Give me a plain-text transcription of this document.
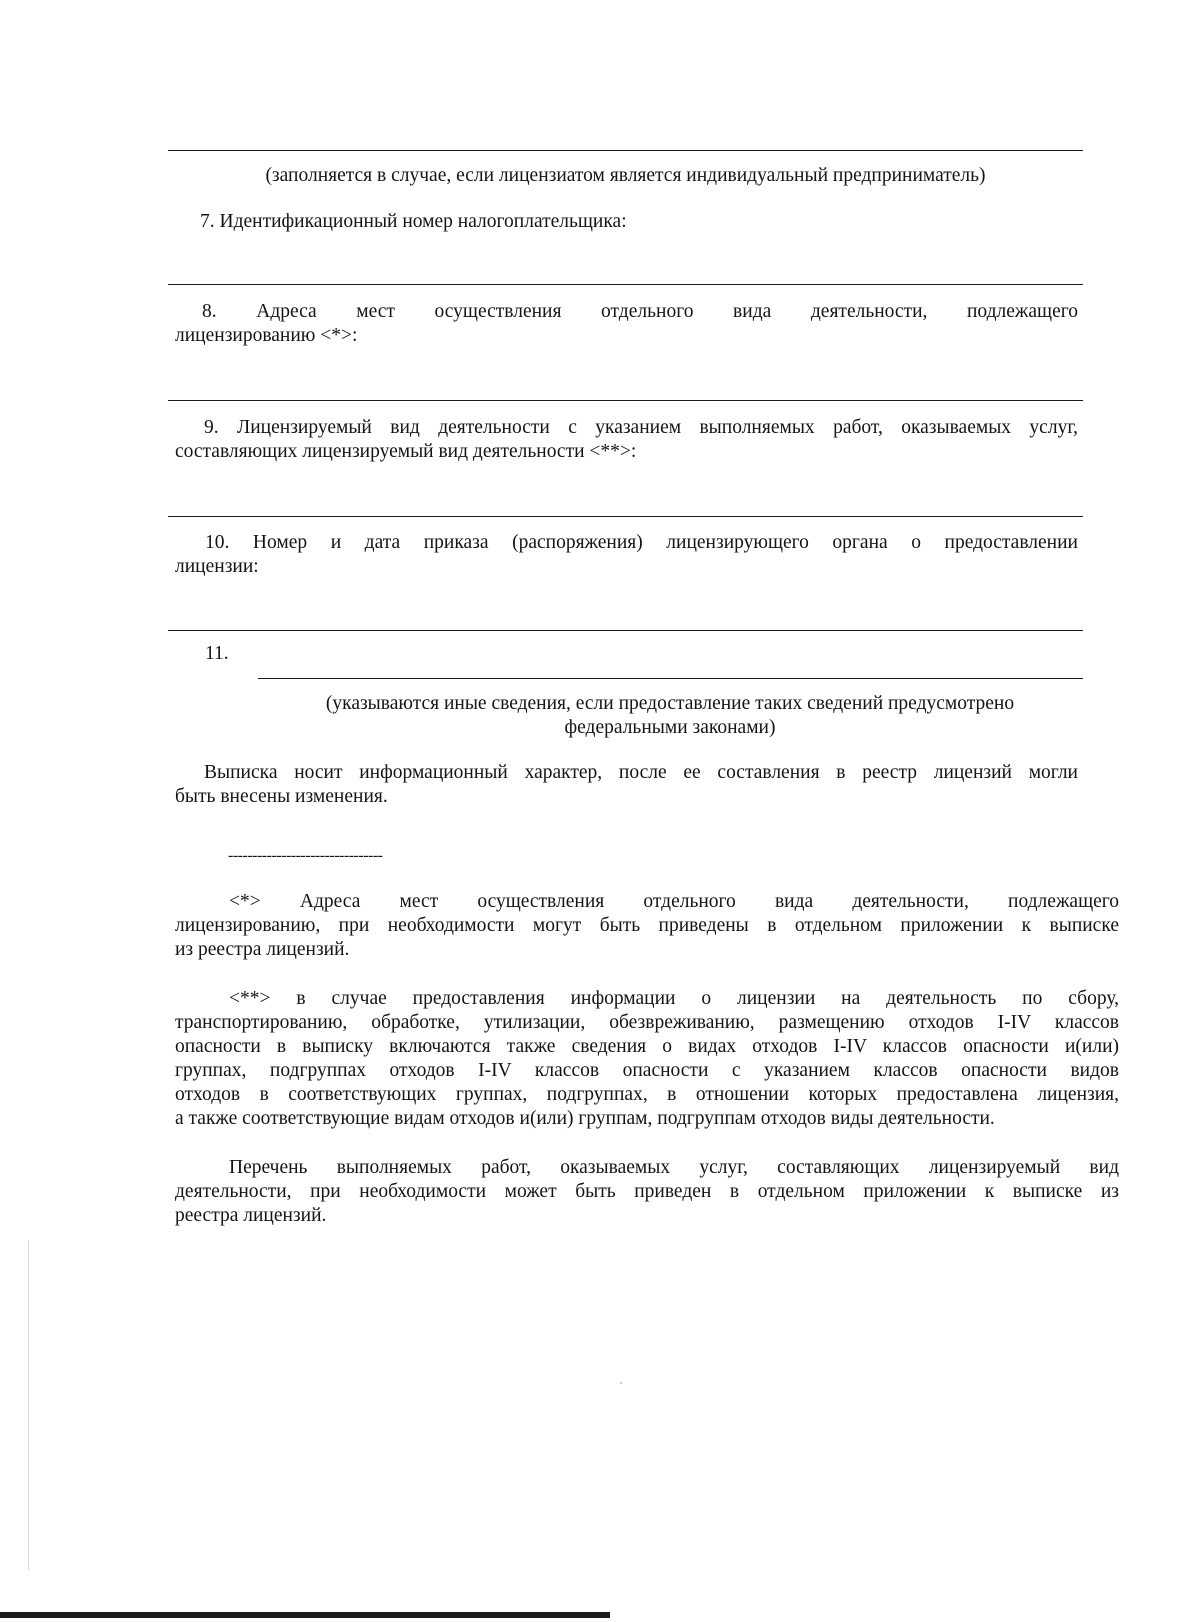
(заполняется в случае, если лицензиатом является индивидуальный предприниматель)

7. Идентификационный номер налогоплательщика:

8. Адреса мест осуществления отдельного вида деятельности, подлежащего

лицензированию <*>:

9. Лицензируемый вид деятельности с указанием выполняемых работ, оказываемых услуг,

составляющих лицензируемый вид деятельности <**>:

10. Номер и дата приказа (распоряжения) лицензирующего органа о предоставлении

лицензии:

11.

(указываются иные сведения, если предоставление таких сведений предусмотрено

федеральными законами)

Выписка носит информационный характер, после ее составления в реестр лицензий могли

быть внесены изменения.

--------------------------------

<*> Адреса мест осуществления отдельного вида деятельности, подлежащего

лицензированию, при необходимости могут быть приведены в отдельном приложении к выписке

из реестра лицензий.

<**> в случае предоставления информации о лицензии на деятельность по сбору,

транспортированию, обработке, утилизации, обезвреживанию, размещению отходов I-IV классов

опасности в выписку включаются также сведения о видах отходов I-IV классов опасности и(или)

группах, подгруппах отходов I-IV классов опасности с указанием классов опасности видов

отходов в соответствующих группах, подгруппах, в отношении которых предоставлена лицензия,

а также соответствующие видам отходов и(или) группам, подгруппам отходов виды деятельности.

Перечень выполняемых работ, оказываемых услуг, составляющих лицензируемый вид

деятельности, при необходимости может быть приведен в отдельном приложении к выписке из

реестра лицензий.
